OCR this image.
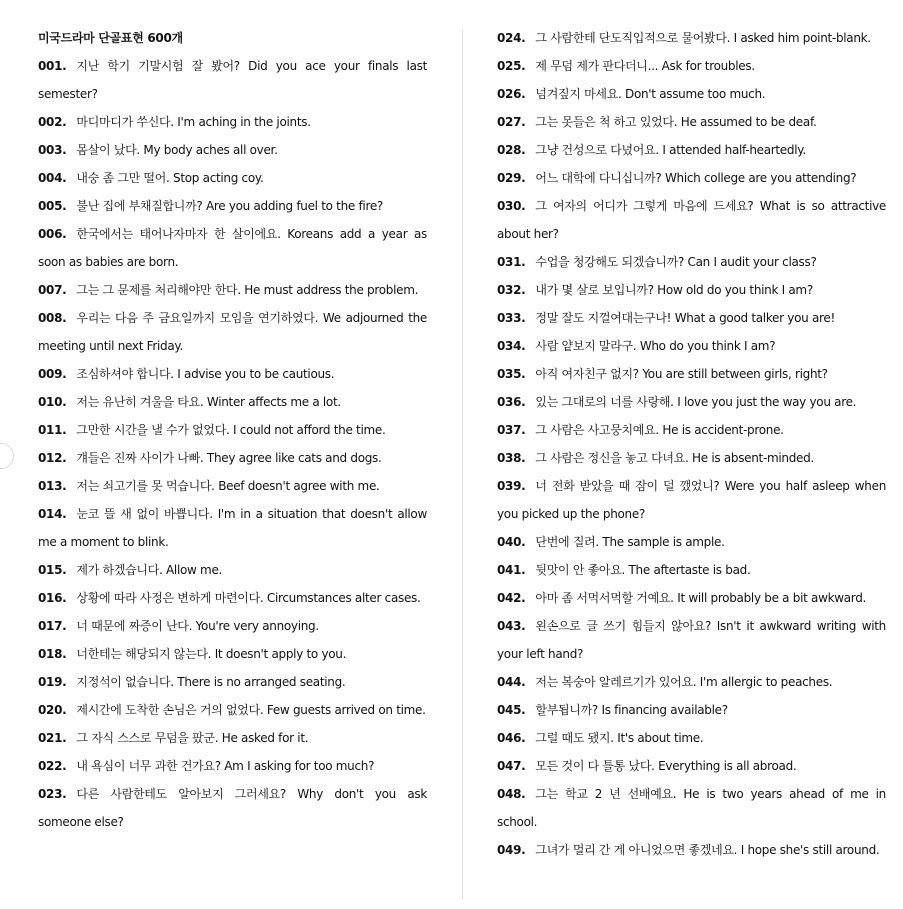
미국드라마 단골표현 600개

001. 지난 학기 기말시험 잘 봤어? Did you ace your finals last semester?

002. 마디마디가 쑤신다. I'm aching in the joints.

003. 몸살이 났다. My body aches all over.

004. 내숭 좀 그만 떨어. Stop acting coy.

005. 불난 집에 부채질합니까? Are you adding fuel to the fire?

006. 한국에서는 태어나자마자 한 살이에요. Koreans add a year as soon as babies are born.

007. 그는 그 문제를 처리해야만 한다. He must address the problem.

008. 우리는 다음 주 금요일까지 모임을 연기하였다. We adjourned the meeting until next Friday.

009. 조심하셔야 합니다. I advise you to be cautious.

010. 저는 유난히 겨울을 타요. Winter affects me a lot.

011. 그만한 시간을 낼 수가 없었다. I could not afford the time.

012. 걔들은 진짜 사이가 나빠. They agree like cats and dogs.

013. 저는 쇠고기를 못 먹습니다. Beef doesn't agree with me.

014. 눈코 뜰 새 없이 바쁩니다. I'm in a situation that doesn't allow me a moment to blink.

015. 제가 하겠습니다. Allow me.

016. 상황에 따라 사정은 변하게 마련이다. Circumstances alter cases.

017. 너 때문에 짜증이 난다. You're very annoying.

018. 너한테는 해당되지 않는다. It doesn't apply to you.

019. 지정석이 없습니다. There is no arranged seating.

020. 제시간에 도착한 손님은 거의 없었다. Few guests arrived on time.

021. 그 자식 스스로 무덤을 팠군. He asked for it.

022. 내 욕심이 너무 과한 건가요? Am I asking for too much?

023. 다른 사람한테도 알아보지 그러세요? Why don't you ask someone else?

024. 그 사람한테 단도직입적으로 물어봤다. I asked him point-blank.

025. 제 무덤 제가 판다더니... Ask for troubles.

026. 넘겨짚지 마세요. Don't assume too much.

027. 그는 못들은 척 하고 있었다. He assumed to be deaf.

028. 그냥 건성으로 다녔어요. I attended half-heartedly.

029. 어느 대학에 다니십니까? Which college are you attending?

030. 그 여자의 어디가 그렇게 마음에 드세요? What is so attractive about her?

031. 수업을 청강해도 되겠습니까? Can I audit your class?

032. 내가 몇 살로 보입니까? How old do you think I am?

033. 정말 잘도 지껄여대는구나! What a good talker you are!

034. 사람 얕보지 말라구. Who do you think I am?

035. 아직 여자친구 없지? You are still between girls, right?

036. 있는 그대로의 너를 사랑해. I love you just the way you are.

037. 그 사람은 사고뭉치예요. He is accident-prone.

038. 그 사람은 정신을 놓고 다녀요. He is absent-minded.

039. 너 전화 받았을 때 잠이 덜 깼었니? Were you half asleep when you picked up the phone?

040. 단번에 질려. The sample is ample.

041. 뒷맛이 안 좋아요. The aftertaste is bad.

042. 아마 좀 서먹서먹할 거예요. It will probably be a bit awkward.

043. 왼손으로 글 쓰기 힘들지 않아요? Isn't it awkward writing with your left hand?

044. 저는 복숭아 알레르기가 있어요. I'm allergic to peaches.

045. 할부됩니까? Is financing available?

046. 그럴 때도 됐지. It's about time.

047. 모든 것이 다 틀통 났다. Everything is all abroad.

048. 그는 학교 2 년 선배예요. He is two years ahead of me in school.

049. 그녀가 멀리 간 게 아니었으면 좋겠네요. I hope she's still around.
